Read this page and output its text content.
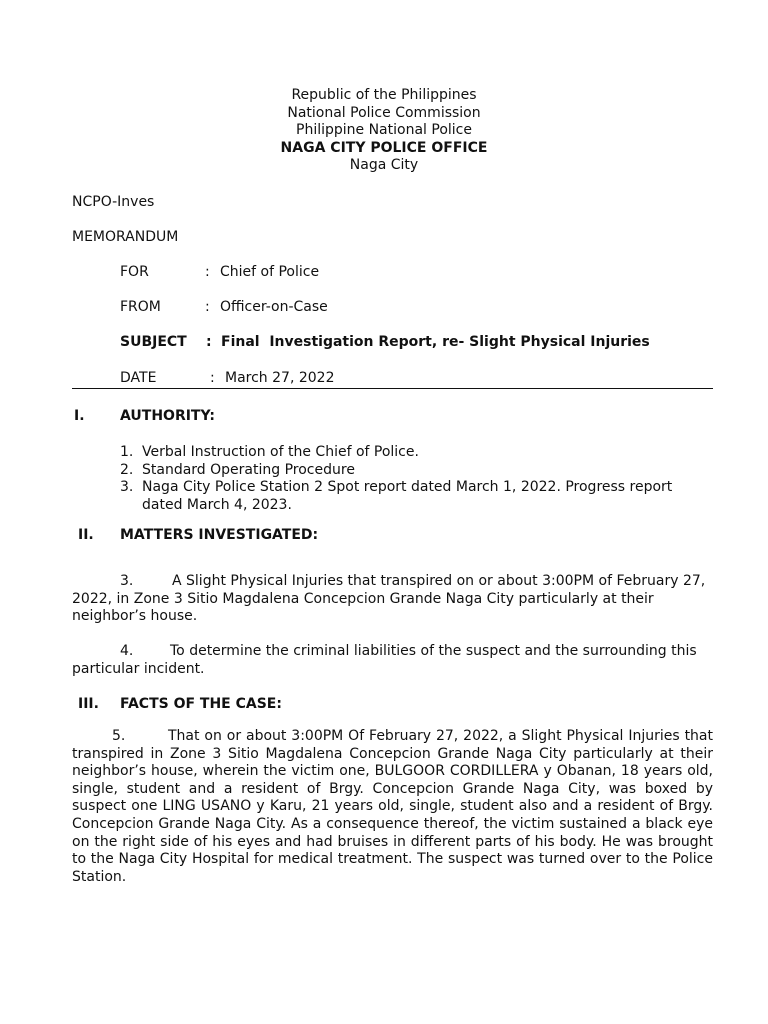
Republic of the Philippines
National Police Commission
Philippine National Police
NAGA CITY POLICE OFFICE
Naga City
NCPO-Inves
MEMORANDUM
FOR	: Chief of Police
FROM	: Officer-on-Case
SUBJECT : Final  Investigation Report, re- Slight Physical Injuries
DATE	: March 27, 2022
I.	AUTHORITY:
1. Verbal Instruction of the Chief of Police.
2. Standard Operating Procedure
3. Naga City Police Station 2 Spot report dated March 1, 2022. Progress report dated March 4, 2023.
II. MATTERS INVESTIGATED:
3.	A Slight Physical Injuries that transpired on or about 3:00PM of February 27, 2022, in Zone 3 Sitio Magdalena Concepcion Grande Naga City particularly at their neighbor’s house.
4.	To determine the criminal liabilities of the suspect and the surrounding this particular incident.
III. FACTS OF THE CASE:
5.	That on or about 3:00PM Of February 27, 2022, a Slight Physical Injuries that transpired in Zone 3 Sitio Magdalena Concepcion Grande Naga City particularly at their neighbor’s house, wherein the victim one, BULGOOR CORDILLERA y Obanan, 18 years old, single, student and a resident of Brgy. Concepcion Grande Naga City, was boxed by suspect one LING USANO y Karu, 21 years old, single, student also and a resident of Brgy. Concepcion Grande Naga City. As a consequence thereof, the victim sustained a black eye on the right side of his eyes and had bruises in different parts of his body. He was brought to the Naga City Hospital for medical treatment. The suspect was turned over to the Police Station.
